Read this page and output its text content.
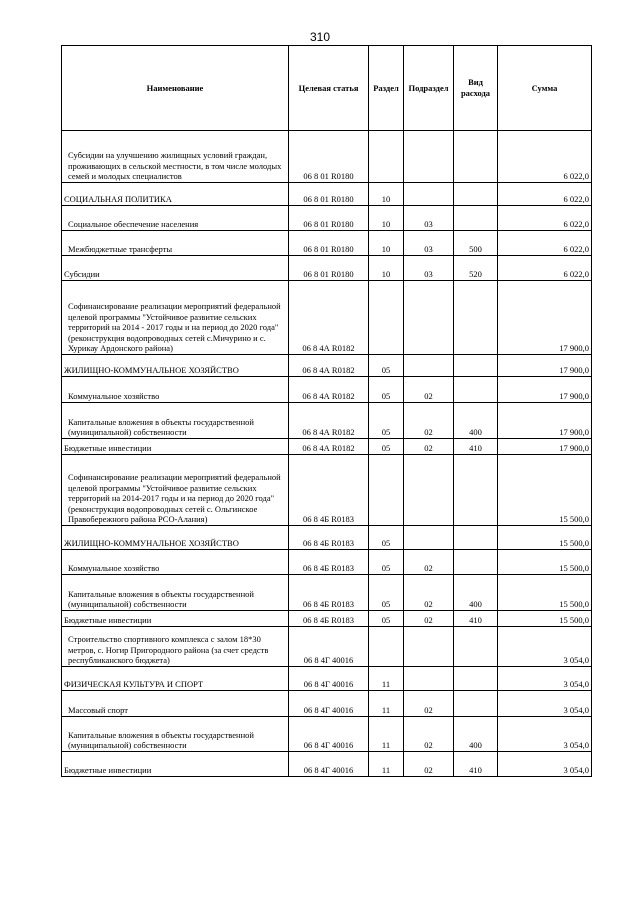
310
Наименование	Целевая статья	Раздел	Подраздел	Вид расхода	Сумма
Субсидии на улучшению жилищных условий граждан, проживающих в сельской местности, в том числе молодых семей и молодых специалистов	06 8 01 R0180				6 022,0
СОЦИАЛЬНАЯ ПОЛИТИКА	06 8 01 R0180	10			6 022,0
Социальное обеспечение населения	06 8 01 R0180	10	03		6 022,0
Межбюджетные трансферты	06 8 01 R0180	10	03	500	6 022,0
Субсидии	06 8 01 R0180	10	03	520	6 022,0
Софинансирование реализации мероприятий федеральной целевой программы "Устойчивое развитие сельских территорий на 2014 - 2017 годы и на период до 2020 года" (реконструкция водопроводных сетей с.Мичурино и с. Хурикау Ардонского района)	06 8 4А R0182				17 900,0
ЖИЛИЩНО-КОММУНАЛЬНОЕ ХОЗЯЙСТВО	06 8 4А R0182	05			17 900,0
Коммунальное хозяйство	06 8 4А R0182	05	02		17 900,0
Капитальные вложения в объекты государственной (муниципальной) собственности	06 8 4А R0182	05	02	400	17 900,0
Бюджетные инвестиции	06 8 4А R0182	05	02	410	17 900,0
Софинансирование реализации мероприятий федеральной целевой программы "Устойчивое развитие сельских территорий на 2014-2017 годы и на период до 2020 года" (реконструкция водопроводных сетей с. Ольгинское Правобережного района РСО-Алания)	06 8 4Б R0183				15 500,0
ЖИЛИЩНО-КОММУНАЛЬНОЕ ХОЗЯЙСТВО	06 8 4Б R0183	05			15 500,0
Коммунальное хозяйство	06 8 4Б R0183	05	02		15 500,0
Капитальные вложения в объекты государственной (муниципальной) собственности	06 8 4Б R0183	05	02	400	15 500,0
Бюджетные инвестиции	06 8 4Б R0183	05	02	410	15 500,0
Строительство спортивного комплекса с залом 18*30 метров, с. Ногир Пригородного района (за счет средств республиканского бюджета)	06 8 4Г 40016				3 054,0
ФИЗИЧЕСКАЯ КУЛЬТУРА И СПОРТ	06 8 4Г 40016	11			3 054,0
Массовый спорт	06 8 4Г 40016	11	02		3 054,0
Капитальные вложения в объекты государственной (муниципальной) собственности	06 8 4Г 40016	11	02	400	3 054,0
Бюджетные инвестиции	06 8 4Г 40016	11	02	410	3 054,0
